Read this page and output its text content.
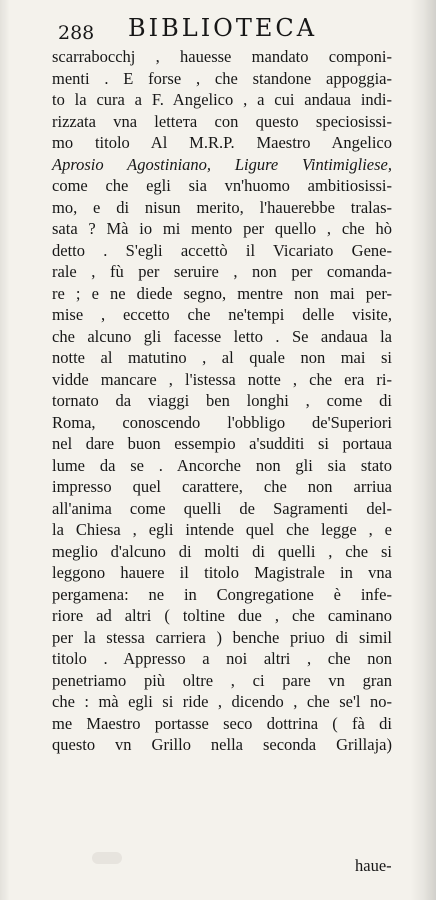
288 BIBLIOTECA
scarrabocchj , hauesse mandato componi-
menti . E forse , che standone appoggia-
to la cura a F. Angelico , a cui andaua indi-
rizzata vna letteтa con questo speciosissi-
mo titolo Al M.R.P. Maestro Angelico
Aprosio Agostiniano, Ligure Vintimigliese,
come che egli sia vn'huomo ambitiosissi-
mo, e di nisun merito, l'hauerebbe tralas-
sata ? Mà io mi mento per quello , che hò
detto . S'egli accettò il Vicariato Gene-
rale , fù per seruire , non per comanda-
re ; e ne diede segno, mentre non mai per-
mise , eccetto che ne'tempi delle visite,
che alcuno gli facesse letto . Se andaua la
notte al matutino , al quale non mai si
vidde mancare , l'istessa notte , che era ri-
tornato da viaggi ben longhi , come di
Roma, conoscendo l'obbligo de'Superiori
nel dare buon essempio a'sudditi si portaua
lume da se . Ancorche non gli sia stato
impresso quel carattere, che non arriua
all'anima come quelli de Sagramenti del-
la Chiesa , egli intende quel che legge , e
meglio d'alcuno di molti di quelli , che si
leggono hauere il titolo Magistrale in vna
pergamena: ne in Congregatione è infe-
riore ad altri ( toltine due , che caminano
per la stessa carriera ) benche priuo di simil
titolo . Appresso a noi altri , che non
penetriamo più oltre , ci pare vn gran
che : mà egli si ride , dicendo , che se'l no-
me Maestro portasse seco dottrina ( fà di
questo vn Grillo nella seconda Grillaja)
haue-
